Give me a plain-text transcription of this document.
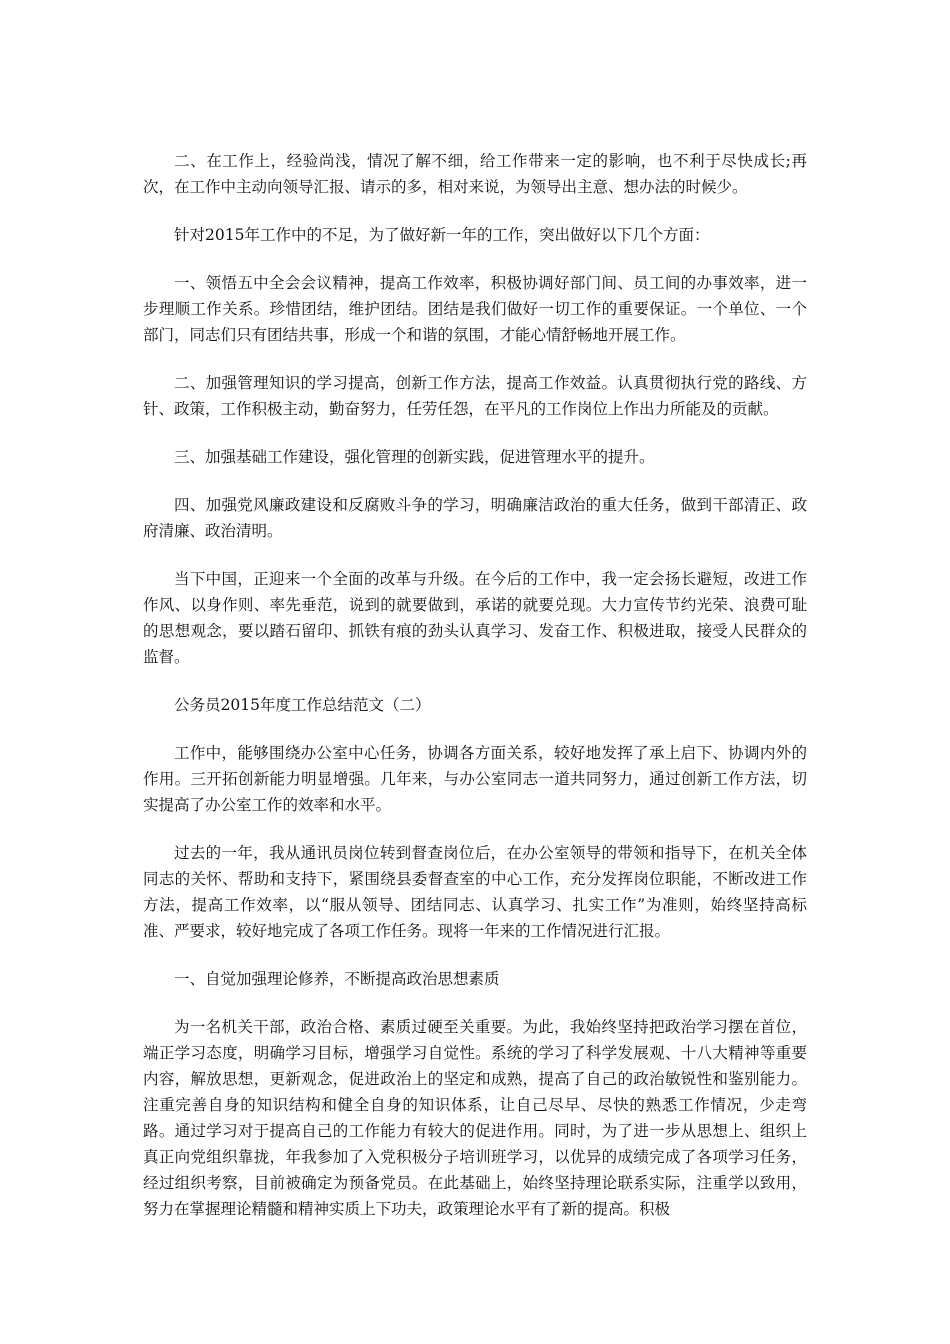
二、在工作上，经验尚浅，情况了解不细，给工作带来一定的影响，也不利于尽快成长;再次，在工作中主动向领导汇报、请示的多，相对来说，为领导出主意、想办法的时候少。

针对2015年工作中的不足，为了做好新一年的工作，突出做好以下几个方面：

一、领悟五中全会会议精神，提高工作效率，积极协调好部门间、员工间的办事效率，进一步理顺工作关系。珍惜团结，维护团结。团结是我们做好一切工作的重要保证。一个单位、一个部门，同志们只有团结共事，形成一个和谐的氛围，才能心情舒畅地开展工作。

二、加强管理知识的学习提高，创新工作方法，提高工作效益。认真贯彻执行党的路线、方针、政策，工作积极主动，勤奋努力，任劳任怨，在平凡的工作岗位上作出力所能及的贡献。

三、加强基础工作建设，强化管理的创新实践，促进管理水平的提升。

四、加强党风廉政建设和反腐败斗争的学习，明确廉洁政治的重大任务，做到干部清正、政府清廉、政治清明。

当下中国，正迎来一个全面的改革与升级。在今后的工作中，我一定会扬长避短，改进工作作风、以身作则、率先垂范，说到的就要做到，承诺的就要兑现。大力宣传节约光荣、浪费可耻的思想观念，要以踏石留印、抓铁有痕的劲头认真学习、发奋工作、积极进取，接受人民群众的监督。

公务员2015年度工作总结范文（二）

工作中，能够围绕办公室中心任务，协调各方面关系，较好地发挥了承上启下、协调内外的作用。三开拓创新能力明显增强。几年来，与办公室同志一道共同努力，通过创新工作方法，切实提高了办公室工作的效率和水平。

过去的一年，我从通讯员岗位转到督查岗位后，在办公室领导的带领和指导下，在机关全体同志的关怀、帮助和支持下，紧围绕县委督查室的中心工作，充分发挥岗位职能，不断改进工作方法，提高工作效率，以“服从领导、团结同志、认真学习、扎实工作”为准则，始终坚持高标准、严要求，较好地完成了各项工作任务。现将一年来的工作情况进行汇报。

一、自觉加强理论修养，不断提高政治思想素质

为一名机关干部，政治合格、素质过硬至关重要。为此，我始终坚持把政治学习摆在首位，端正学习态度，明确学习目标，增强学习自觉性。系统的学习了科学发展观、十八大精神等重要内容，解放思想，更新观念，促进政治上的坚定和成熟，提高了自己的政治敏锐性和鉴别能力。注重完善自身的知识结构和健全自身的知识体系，让自己尽早、尽快的熟悉工作情况，少走弯路。通过学习对于提高自己的工作能力有较大的促进作用。同时，为了进一步从思想上、组织上真正向党组织靠拢，年我参加了入党积极分子培训班学习，以优异的成绩完成了各项学习任务，经过组织考察，目前被确定为预备党员。在此基础上，始终坚持理论联系实际，注重学以致用，努力在掌握理论精髓和精神实质上下功夫，政策理论水平有了新的提高。积极
